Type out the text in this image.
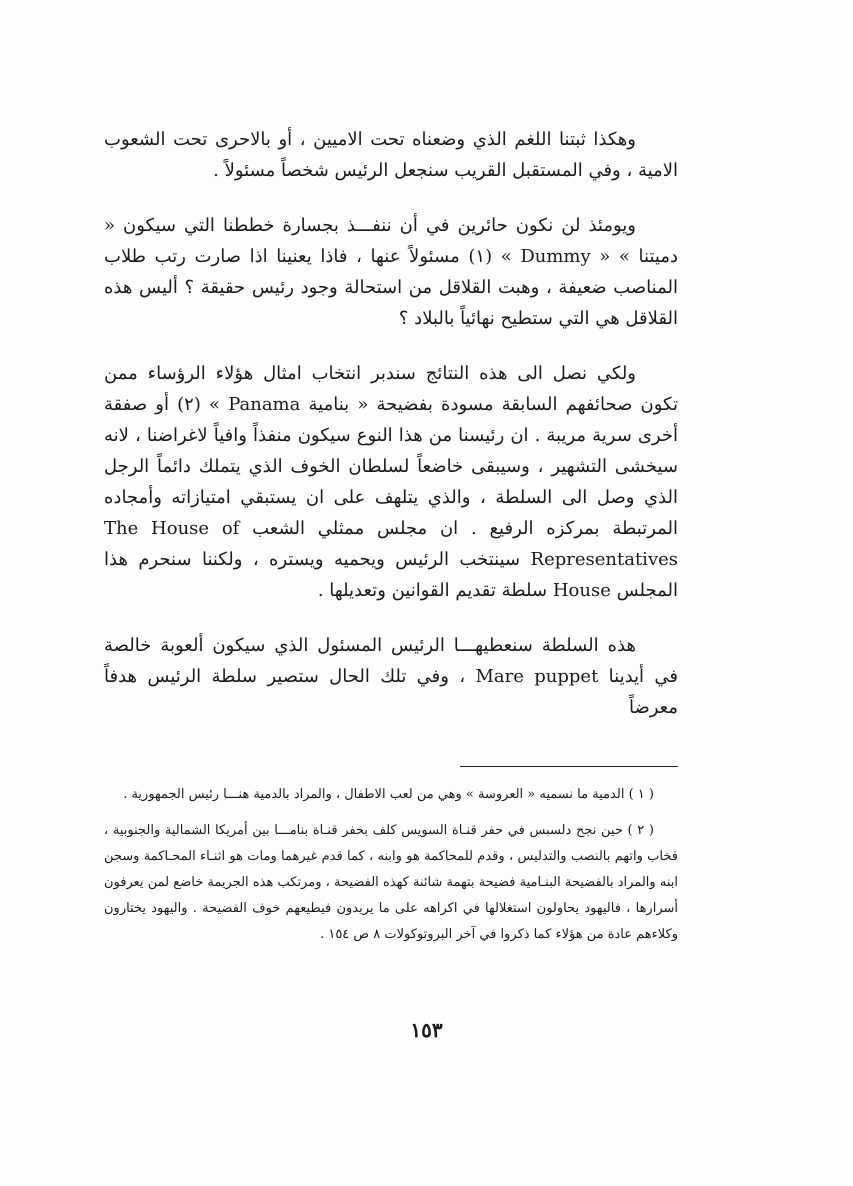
وهكذا ثبتنا اللغم الذي وضعناه تحت الاميين ، أو بالاحرى تحت الشعوب الامية ، وفي المستقبل القريب سنجعل الرئيس شخصاً مسئولاً .

ويومئذ لن نكون حائرين في أن ننفـــذ بجسارة خططنا التي سيكون « دميتنا » « Dummy » (١) مسئولاً عنها ، فاذا يعنينا اذا صارت رتب طلاب المناصب ضعيفة ، وهبت القلاقل من استحالة وجود رئيس حقيقة ؟ أليس هذه القلاقل هي التي ستطيح نهائياً بالبلاد ؟

ولكي نصل الى هذه النتائج سندبر انتخاب امثال هؤلاء الرؤساء ممن تكون صحائفهم السابقة مسودة بفضيحة « بنامية Panama » (٢) أو صفقة أخرى سرية مريبة . ان رئيسنا من هذا النوع سيكون منفذاً وافياً لاغراضنا ، لانه سيخشى التشهير ، وسيبقى خاضعاً لسلطان الخوف الذي يتملك دائماً الرجل الذي وصل الى السلطة ، والذي يتلهف على ان يستبقي امتيازاته وأمجاده المرتبطة بمركزه الرفيع . ان مجلس ممثلي الشعب The House of Representatives سينتخب الرئيس ويحميه ويستره ، ولكننا سنحرم هذا المجلس House سلطة تقديم القوانين وتعديلها .

هذه السلطة سنعطيهـــا الرئيس المسئول الذي سيكون ألعوبة خالصة في أيدينا Mare puppet ، وفي تلك الحال ستصير سلطة الرئيس هدفاً معرضاً

( ١ ) الدمية ما نسميه « العروسة » وهي من لعب الاطفال ، والمراد بالدمية هنـــا رئيس الجمهورية .

( ٢ ) حين نجح دلسبس في حفر قنـاة السويس كلف بحفر قنـاة بنامـــا بين أمريكا الشمالية والجنوبية ، فخاب واتهم بالنصب والتدليس ، وقدم للمحاكمة هو وابنه ، كما قدم غيرهما ومات هو اثنـاء المحـاكمة وسجن ابنه والمراد بالفضيحة البنـامية فضيحة بتهمة شائنة كهذه الفضيحة ، ومرتكب هذه الجريمة خاضع لمن يعرفون أسرارها ، فاليهود يحاولون استغلالها في اكراهه على ما يريدون فيطيعهم خوف الفضيحة . واليهود يختارون وكلاءهم عادة من هؤلاء كما ذكروا في آخر البروتوكولات ٨ ص ١٥٤ .

١٥٣
